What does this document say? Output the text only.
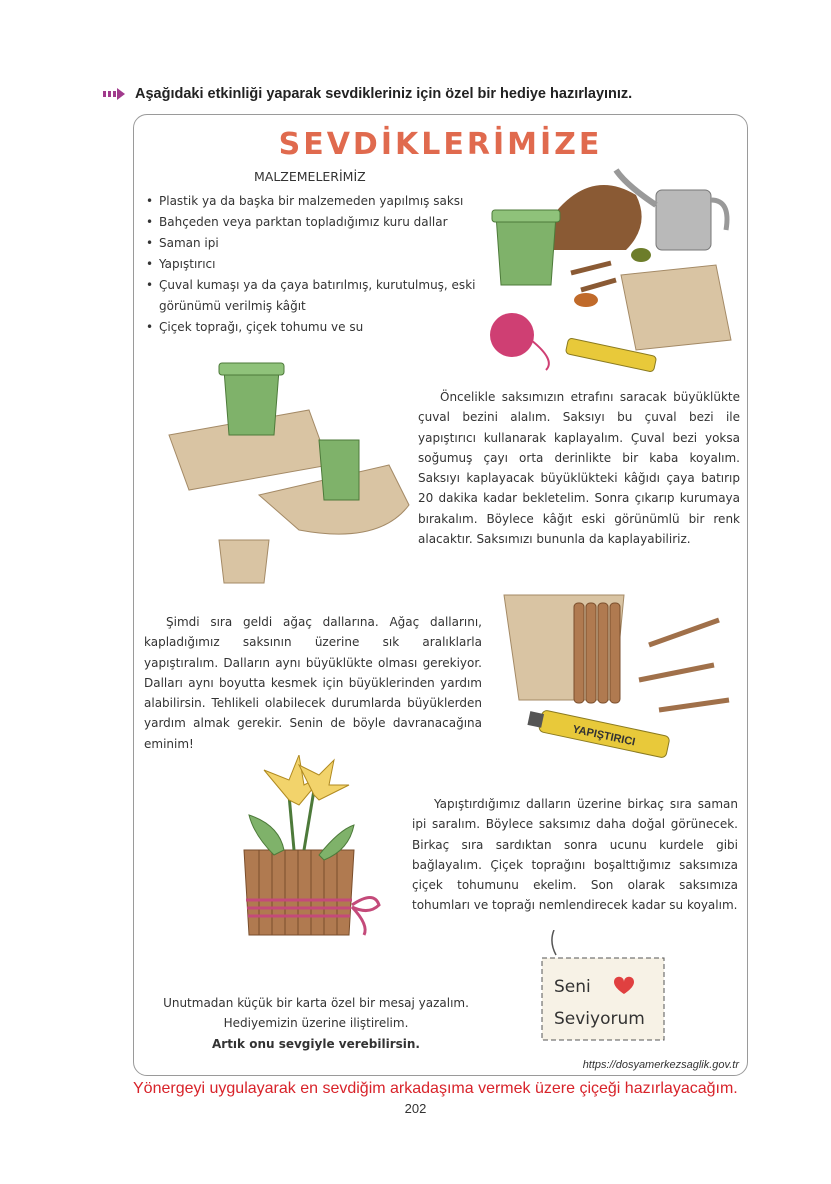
Aşağıdaki etkinliği yaparak sevdikleriniz için özel bir hediye hazırlayınız.
SEVDİKLERİMİZE
MALZEMELERİMİZ
• Plastik ya da başka bir malzemeden yapılmış saksı
• Bahçeden veya parktan topladığımız kuru dallar
• Saman ipi
• Yapıştırıcı
• Çuval kumaşı ya da çaya batırılmış, kurutulmuş, eski görünümü verilmiş kâğıt
• Çiçek toprağı, çiçek tohumu ve su
YAPIŞTIRICI
Öncelikle saksımızın etrafını saracak büyüklükte çuval bezini alalım. Saksıyı bu çuval bezi ile yapıştırıcı kullanarak kaplayalım. Çuval bezi yoksa soğumuş çayı orta derinlikte bir kaba koyalım. Saksıyı kaplayacak büyüklükteki kâğıdı çaya batırıp 20 dakika kadar bekletelim. Sonra çıkarıp kurumaya bırakalım. Böylece kâğıt eski görünümlü bir renk alacaktır. Saksımızı bununla da kaplayabiliriz.
Şimdi sıra geldi ağaç dallarına. Ağaç dallarını, kapladığımız saksının üzerine sık aralıklarla yapıştıralım. Dalların aynı büyüklükte olması gerekiyor. Dalları aynı boyutta kesmek için büyüklerinden yardım alabilirsin. Tehlikeli olabilecek durumlarda büyüklerden yardım almak gerekir. Senin de böyle davranacağına eminim!
Yapıştırdığımız dalların üzerine birkaç sıra saman ipi saralım. Böylece saksımız daha doğal görünecek. Birkaç sıra sardıktan sonra ucunu kurdele gibi bağlayalım. Çiçek toprağını boşalttığımız saksımıza çiçek tohumunu ekelim. Son olarak saksımıza tohumları ve toprağı nemlendirecek kadar su koyalım.
Unutmadan küçük bir karta özel bir mesaj yazalım.
Hediyemizin üzerine iliştirelim.
Artık onu sevgiyle verebilirsin.
Seni
Seviyorum
https://dosyamerkezsaglik.gov.tr
Yönergeyi uygulayarak en sevdiğim arkadaşıma vermek üzere çiçeği hazırlayacağım.
202
